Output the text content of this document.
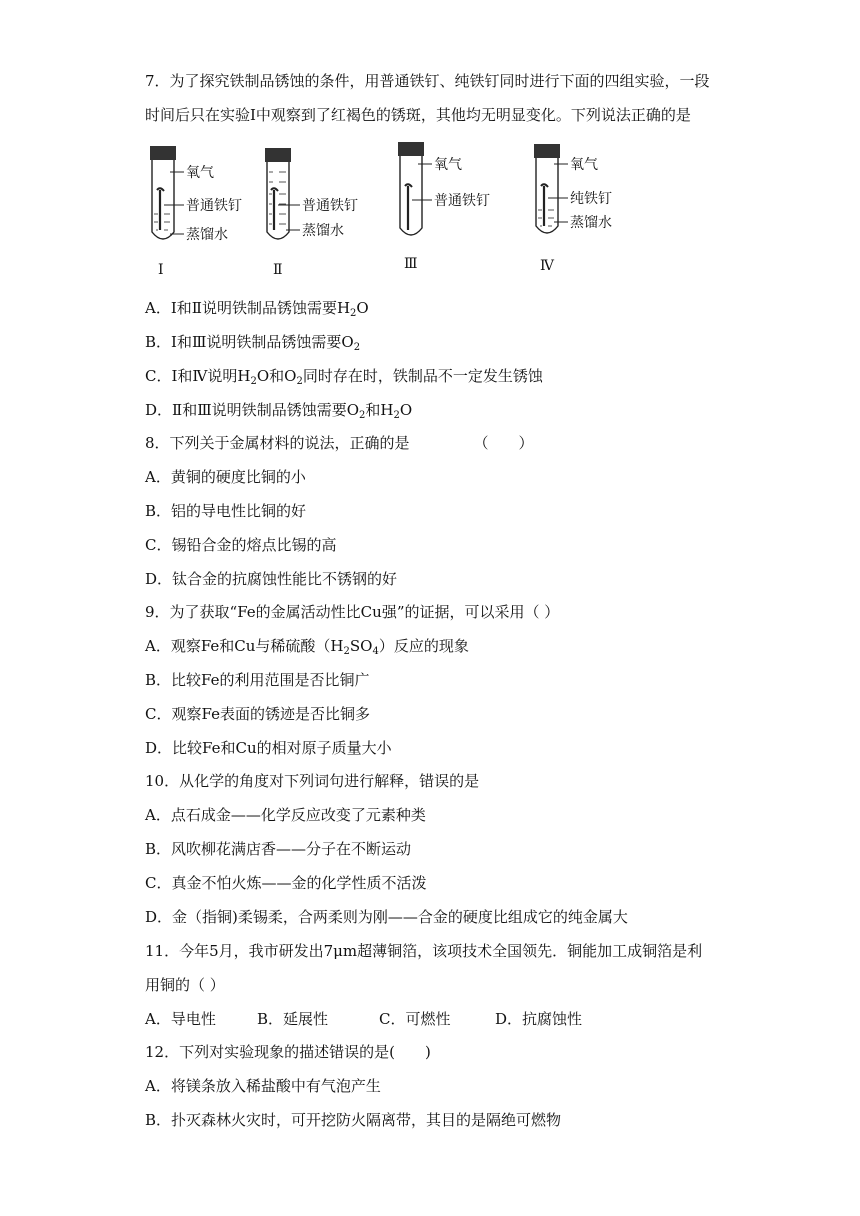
7．为了探究铁制品锈蚀的条件，用普通铁钉、纯铁钉同时进行下面的四组实验，一段
时间后只在实验Ⅰ中观察到了红褐色的锈斑，其他均无明显变化。下列说法正确的是
氧气
普通铁钉
蒸馏水
Ⅰ
普通铁钉
蒸馏水
Ⅱ
氧气
普通铁钉
Ⅲ
氧气
纯铁钉
蒸馏水
Ⅳ
A．I和Ⅱ说明铁制品锈蚀需要$H_2O$
B．I和Ⅲ说明铁制品锈蚀需要$O_2$
C．I和Ⅳ说明$H_2O$和$O_2$同时存在时，铁制品不一定发生锈蚀
D．Ⅱ和Ⅲ说明铁制品锈蚀需要$O_2$和$H_2O$
8．下列关于金属材料的说法，正确的是	（　　）
A．黄铜的硬度比铜的小
B．铝的导电性比铜的好
C．锡铅合金的熔点比锡的高
D．钛合金的抗腐蚀性能比不锈钢的好
9．为了获取“Fe的金属活动性比Cu强”的证据，可以采用（ ）
A．观察Fe和Cu与稀硫酸$(H_2SO_4)$反应的现象
B．比较Fe的利用范围是否比铜广
C．观察Fe表面的锈迹是否比铜多
D．比较Fe和Cu的相对原子质量大小
10．从化学的角度对下列词句进行解释，错误的是
A．点石成金——化学反应改变了元素种类
B．风吹柳花满店香——分子在不断运动
C．真金不怕火炼——金的化学性质不活泼
D．金（指铜)柔锡柔，合两柔则为刚——合金的硬度比组成它的纯金属大
11．今年5月，我市研发出7μm超薄铜箔，该项技术全国领先．铜能加工成铜箔是利
用铜的（ ）
A．导电性	B．延展性	C．可燃性	D．抗腐蚀性
12．下列对实验现象的描述错误的是(　　)
A．将镁条放入稀盐酸中有气泡产生
B．扑灭森林火灾时，可开挖防火隔离带，其目的是隔绝可燃物
